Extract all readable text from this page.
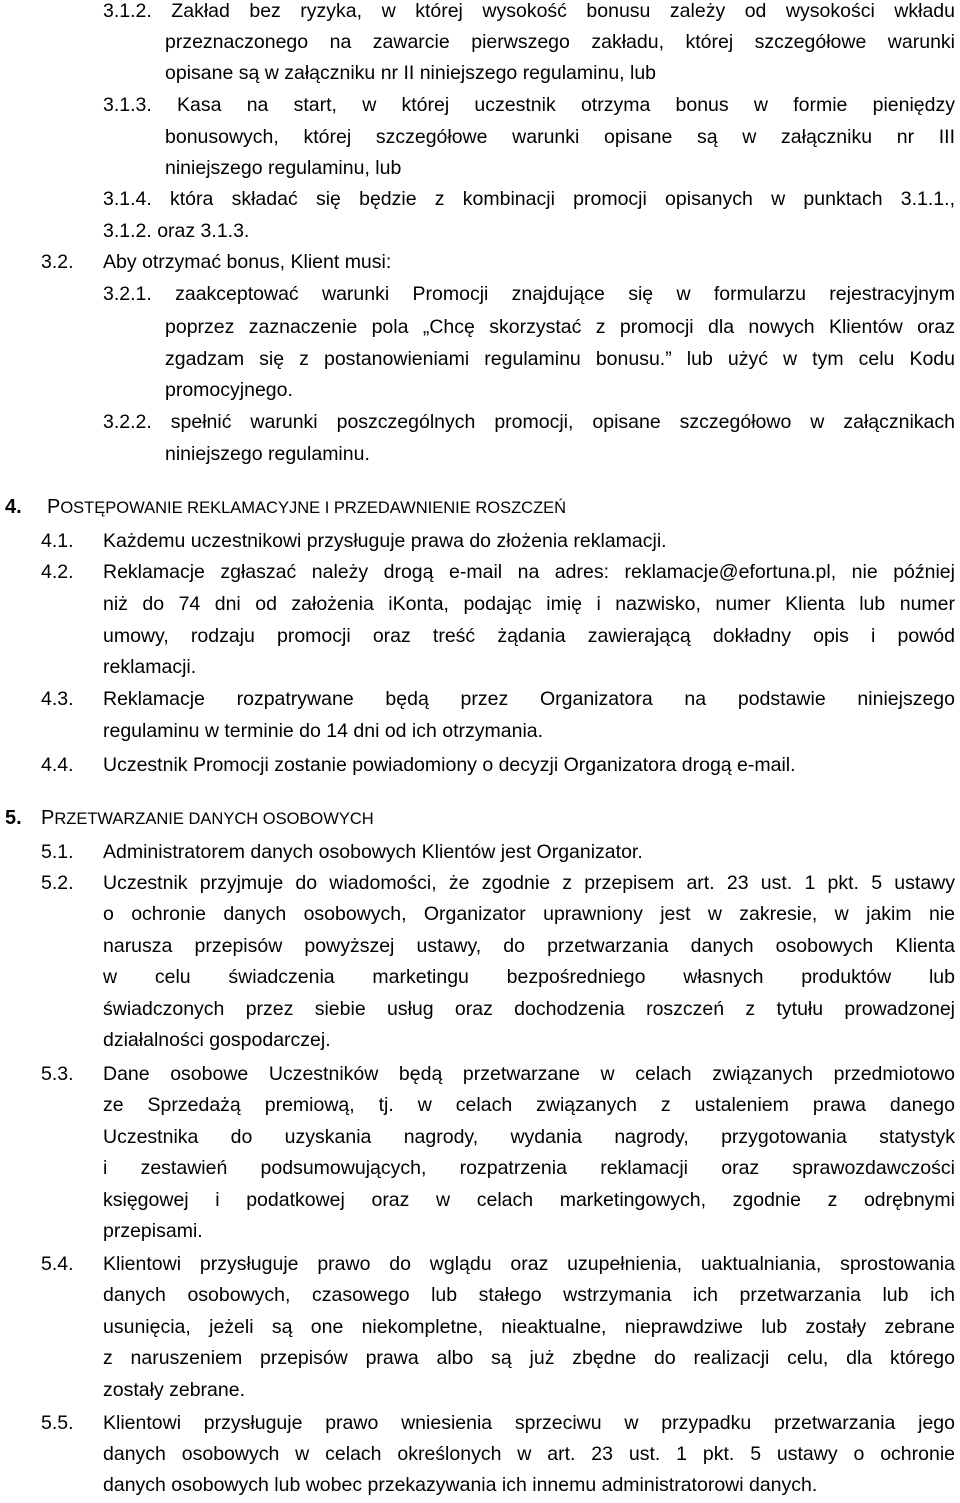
3.1.2. Zakład bez ryzyka, w której wysokość bonusu zależy od wysokości wkładu
przeznaczonego na zawarcie pierwszego zakładu, której szczegółowe warunki
opisane są w załączniku nr II niniejszego regulaminu, lub
3.1.3. Kasa na start, w której uczestnik otrzyma bonus w formie pieniędzy
bonusowych, której szczegółowe warunki opisane są w załączniku nr III
niniejszego regulaminu, lub
3.1.4. która składać się będzie z kombinacji promocji opisanych w punktach 3.1.1.,
3.1.2. oraz 3.1.3.
3.2. Aby otrzymać bonus, Klient musi:
3.2.1. zaakceptować warunki Promocji znajdujące się w formularzu rejestracyjnym
poprzez zaznaczenie pola „Chcę skorzystać z promocji dla nowych Klientów oraz
zgadzam się z postanowieniami regulaminu bonusu.” lub użyć w tym celu Kodu
promocyjnego.
3.2.2. spełnić warunki poszczególnych promocji, opisane szczegółowo w załącznikach
niniejszego regulaminu.
4. POSTĘPOWANIE REKLAMACYJNE I PRZEDAWNIENIE ROSZCZEŃ
4.1. Każdemu uczestnikowi przysługuje prawa do złożenia reklamacji.
4.2. Reklamacje zgłaszać należy drogą e-mail na adres: reklamacje@efortuna.pl, nie później
niż do 74 dni od założenia iKonta, podając imię i nazwisko, numer Klienta lub numer
umowy, rodzaju promocji oraz treść żądania zawierającą dokładny opis i powód
reklamacji.
4.3. Reklamacje rozpatrywane będą przez Organizatora na podstawie niniejszego
regulaminu w terminie do 14 dni od ich otrzymania.
4.4. Uczestnik Promocji zostanie powiadomiony o decyzji Organizatora drogą e-mail.
5. PRZETWARZANIE DANYCH OSOBOWYCH
5.1. Administratorem danych osobowych Klientów jest Organizator.
5.2. Uczestnik przyjmuje do wiadomości, że zgodnie z przepisem art. 23 ust. 1 pkt. 5 ustawy
o ochronie danych osobowych, Organizator uprawniony jest w zakresie, w jakim nie
narusza przepisów powyższej ustawy, do przetwarzania danych osobowych Klienta
w celu świadczenia marketingu bezpośredniego własnych produktów lub
świadczonych przez siebie usług oraz dochodzenia roszczeń z tytułu prowadzonej
działalności gospodarczej.
5.3. Dane osobowe Uczestników będą przetwarzane w celach związanych przedmiotowo
ze Sprzedażą premiową, tj. w celach związanych z ustaleniem prawa danego
Uczestnika do uzyskania nagrody, wydania nagrody, przygotowania statystyk
i zestawień podsumowujących, rozpatrzenia reklamacji oraz sprawozdawczości
księgowej i podatkowej oraz w celach marketingowych, zgodnie z odrębnymi
przepisami.
5.4. Klientowi przysługuje prawo do wglądu oraz uzupełnienia, uaktualniania, sprostowania
danych osobowych, czasowego lub stałego wstrzymania ich przetwarzania lub ich
usunięcia, jeżeli są one niekompletne, nieaktualne, nieprawdziwe lub zostały zebrane
z naruszeniem przepisów prawa albo są już zbędne do realizacji celu, dla którego
zostały zebrane.
5.5. Klientowi przysługuje prawo wniesienia sprzeciwu w przypadku przetwarzania jego
danych osobowych w celach określonych w art. 23 ust. 1 pkt. 5 ustawy o ochronie
danych osobowych lub wobec przekazywania ich innemu administratorowi danych.
